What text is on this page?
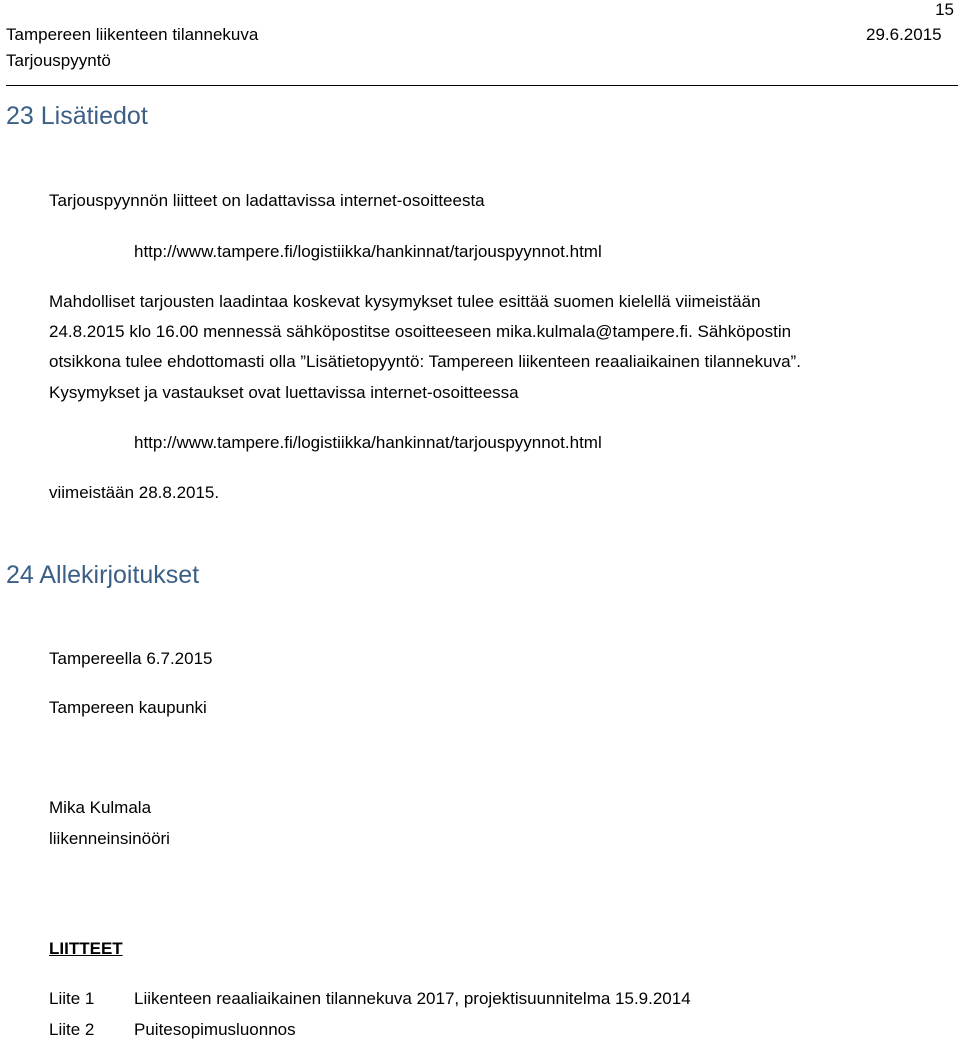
15
Tampereen liikenteen tilannekuva	29.6.2015
Tarjouspyyntö
23 Lisätiedot
Tarjouspyynnön liitteet on ladattavissa internet-osoitteesta
http://www.tampere.fi/logistiikka/hankinnat/tarjouspyynnot.html
Mahdolliset tarjousten laadintaa koskevat kysymykset tulee esittää suomen kielellä viimeistään
24.8.2015 klo 16.00 mennessä sähköpostitse osoitteeseen mika.kulmala@tampere.fi. Sähköpostin
otsikkona tulee ehdottomasti olla ”Lisätietopyyntö: Tampereen liikenteen reaaliaikainen tilannekuva”.
Kysymykset ja vastaukset ovat luettavissa internet-osoitteessa
http://www.tampere.fi/logistiikka/hankinnat/tarjouspyynnot.html
viimeistään 28.8.2015.
24 Allekirjoitukset
Tampereella 6.7.2015
Tampereen kaupunki
Mika Kulmala
liikenneinsinööri
LIITTEET
Liite 1 Liikenteen reaaliaikainen tilannekuva 2017, projektisuunnitelma 15.9.2014
Liite 2 Puitesopimusluonnos
